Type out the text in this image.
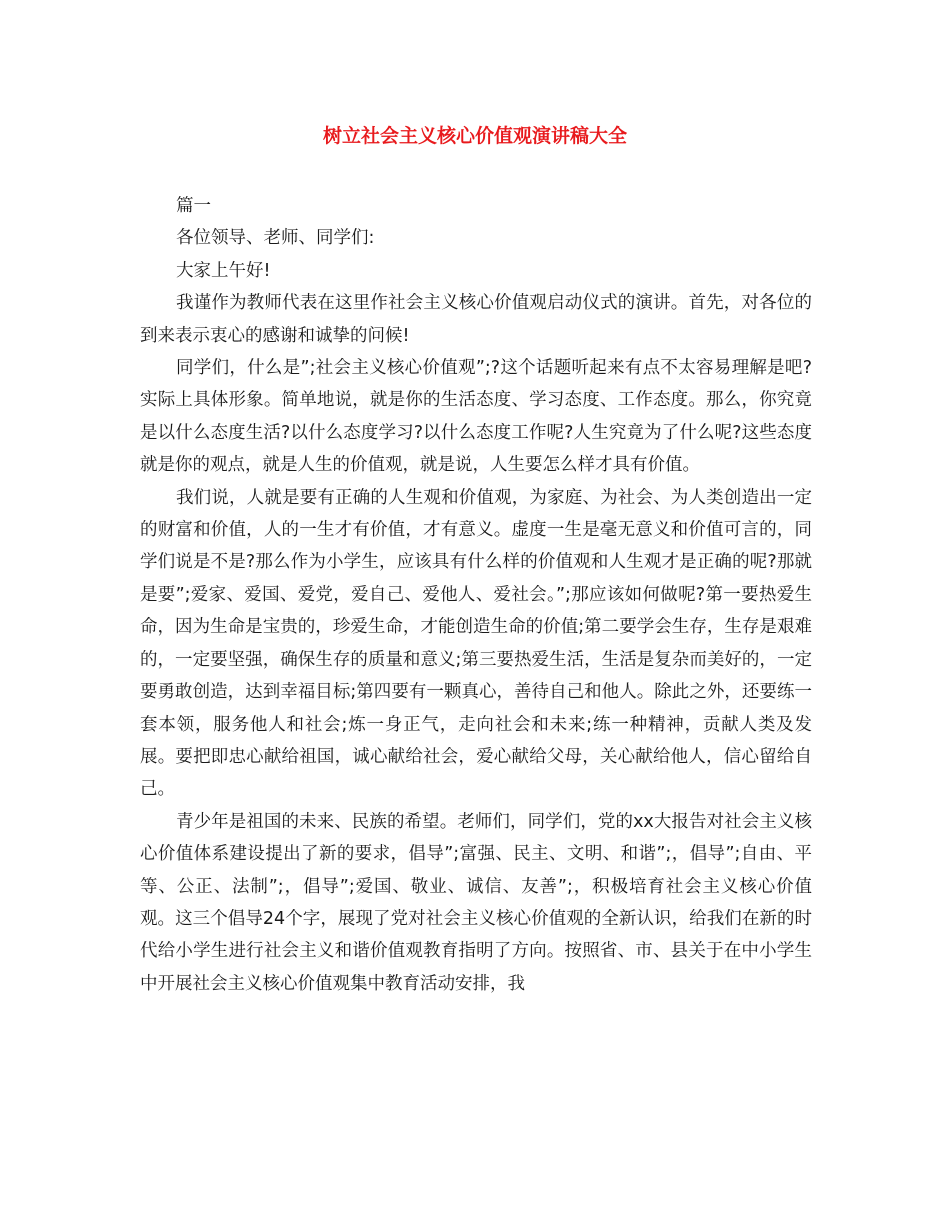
树立社会主义核心价值观演讲稿大全

篇一

各位领导、老师、同学们:

大家上午好!

我谨作为教师代表在这里作社会主义核心价值观启动仪式的演讲。首先，对各位的到来表示衷心的感谢和诚挚的问候!

同学们，什么是”;社会主义核心价值观”;?这个话题听起来有点不太容易理解是吧?实际上具体形象。简单地说，就是你的生活态度、学习态度、工作态度。那么，你究竟是以什么态度生活?以什么态度学习?以什么态度工作呢?人生究竟为了什么呢?这些态度就是你的观点，就是人生的价值观，就是说，人生要怎么样才具有价值。

我们说，人就是要有正确的人生观和价值观，为家庭、为社会、为人类创造出一定的财富和价值，人的一生才有价值，才有意义。虚度一生是毫无意义和价值可言的，同学们说是不是?那么作为小学生，应该具有什么样的价值观和人生观才是正确的呢?那就是要”;爱家、爱国、爱党，爱自己、爱他人、爱社会。”;那应该如何做呢?第一要热爱生命，因为生命是宝贵的，珍爱生命，才能创造生命的价值;第二要学会生存，生存是艰难的，一定要坚强，确保生存的质量和意义;第三要热爱生活，生活是复杂而美好的，一定要勇敢创造，达到幸福目标;第四要有一颗真心，善待自己和他人。除此之外，还要练一套本领，服务他人和社会;炼一身正气，走向社会和未来;练一种精神，贡献人类及发展。要把即忠心献给祖国，诚心献给社会，爱心献给父母，关心献给他人，信心留给自己。

青少年是祖国的未来、民族的希望。老师们，同学们，党的xx大报告对社会主义核心价值体系建设提出了新的要求，倡导”;富强、民主、文明、和谐”;，倡导”;自由、平等、公正、法制”;，倡导”;爱国、敬业、诚信、友善”;，积极培育社会主义核心价值观。这三个倡导24个字，展现了党对社会主义核心价值观的全新认识，给我们在新的时代给小学生进行社会主义和谐价值观教育指明了方向。按照省、市、县关于在中小学生中开展社会主义核心价值观集中教育活动安排，我
